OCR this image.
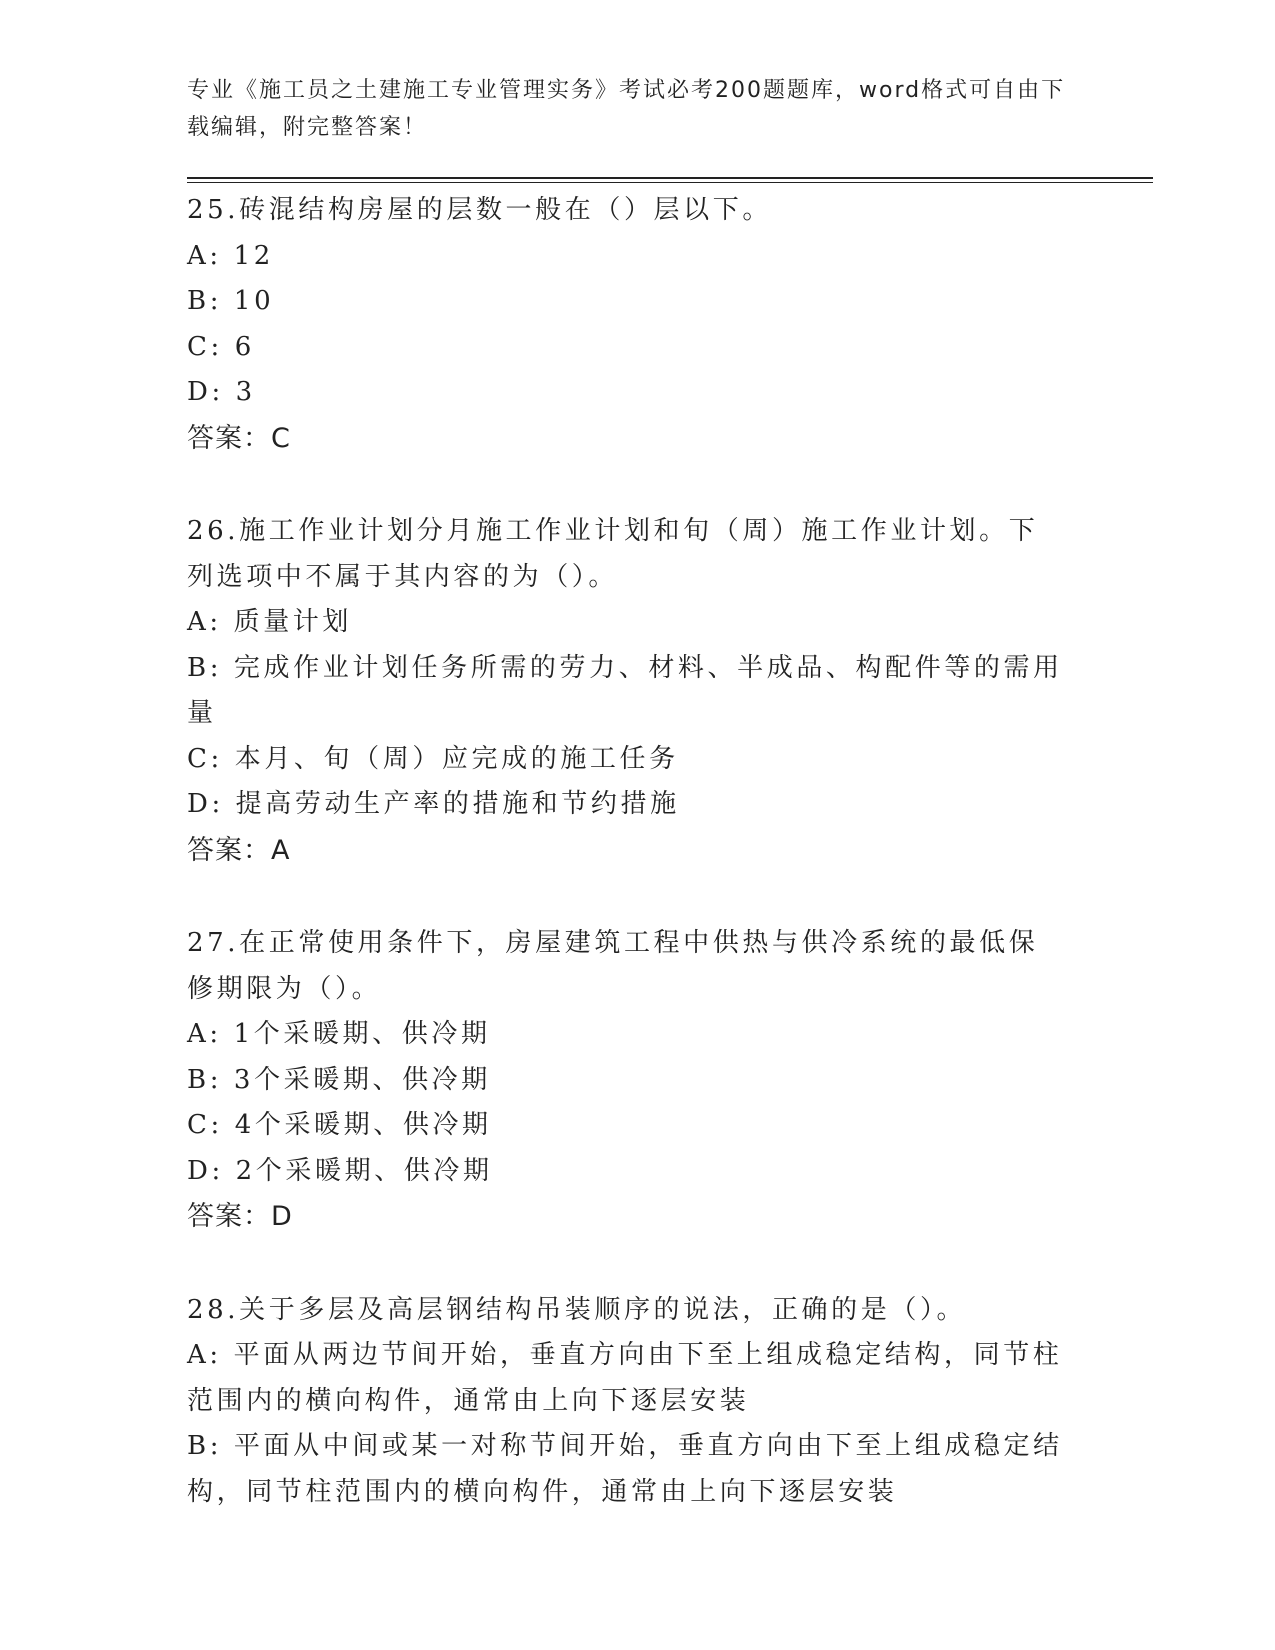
专业《施工员之土建施工专业管理实务》考试必考200题题库，word格式可自由下载编辑，附完整答案！
25.砖混结构房屋的层数一般在（）层以下。
A: 12
B: 10
C: 6
D: 3
答案：C
26.施工作业计划分月施工作业计划和旬（周）施工作业计划。下列选项中不属于其内容的为（）。
A: 质量计划
B: 完成作业计划任务所需的劳力、材料、半成品、构配件等的需用量
C: 本月、旬（周）应完成的施工任务
D: 提高劳动生产率的措施和节约措施
答案：A
27.在正常使用条件下，房屋建筑工程中供热与供冷系统的最低保修期限为（）。
A: 1个采暖期、供冷期
B: 3个采暖期、供冷期
C: 4个采暖期、供冷期
D: 2个采暖期、供冷期
答案：D
28.关于多层及高层钢结构吊装顺序的说法，正确的是（）。
A: 平面从两边节间开始，垂直方向由下至上组成稳定结构，同节柱范围内的横向构件，通常由上向下逐层安装
B: 平面从中间或某一对称节间开始，垂直方向由下至上组成稳定结构，同节柱范围内的横向构件，通常由上向下逐层安装
